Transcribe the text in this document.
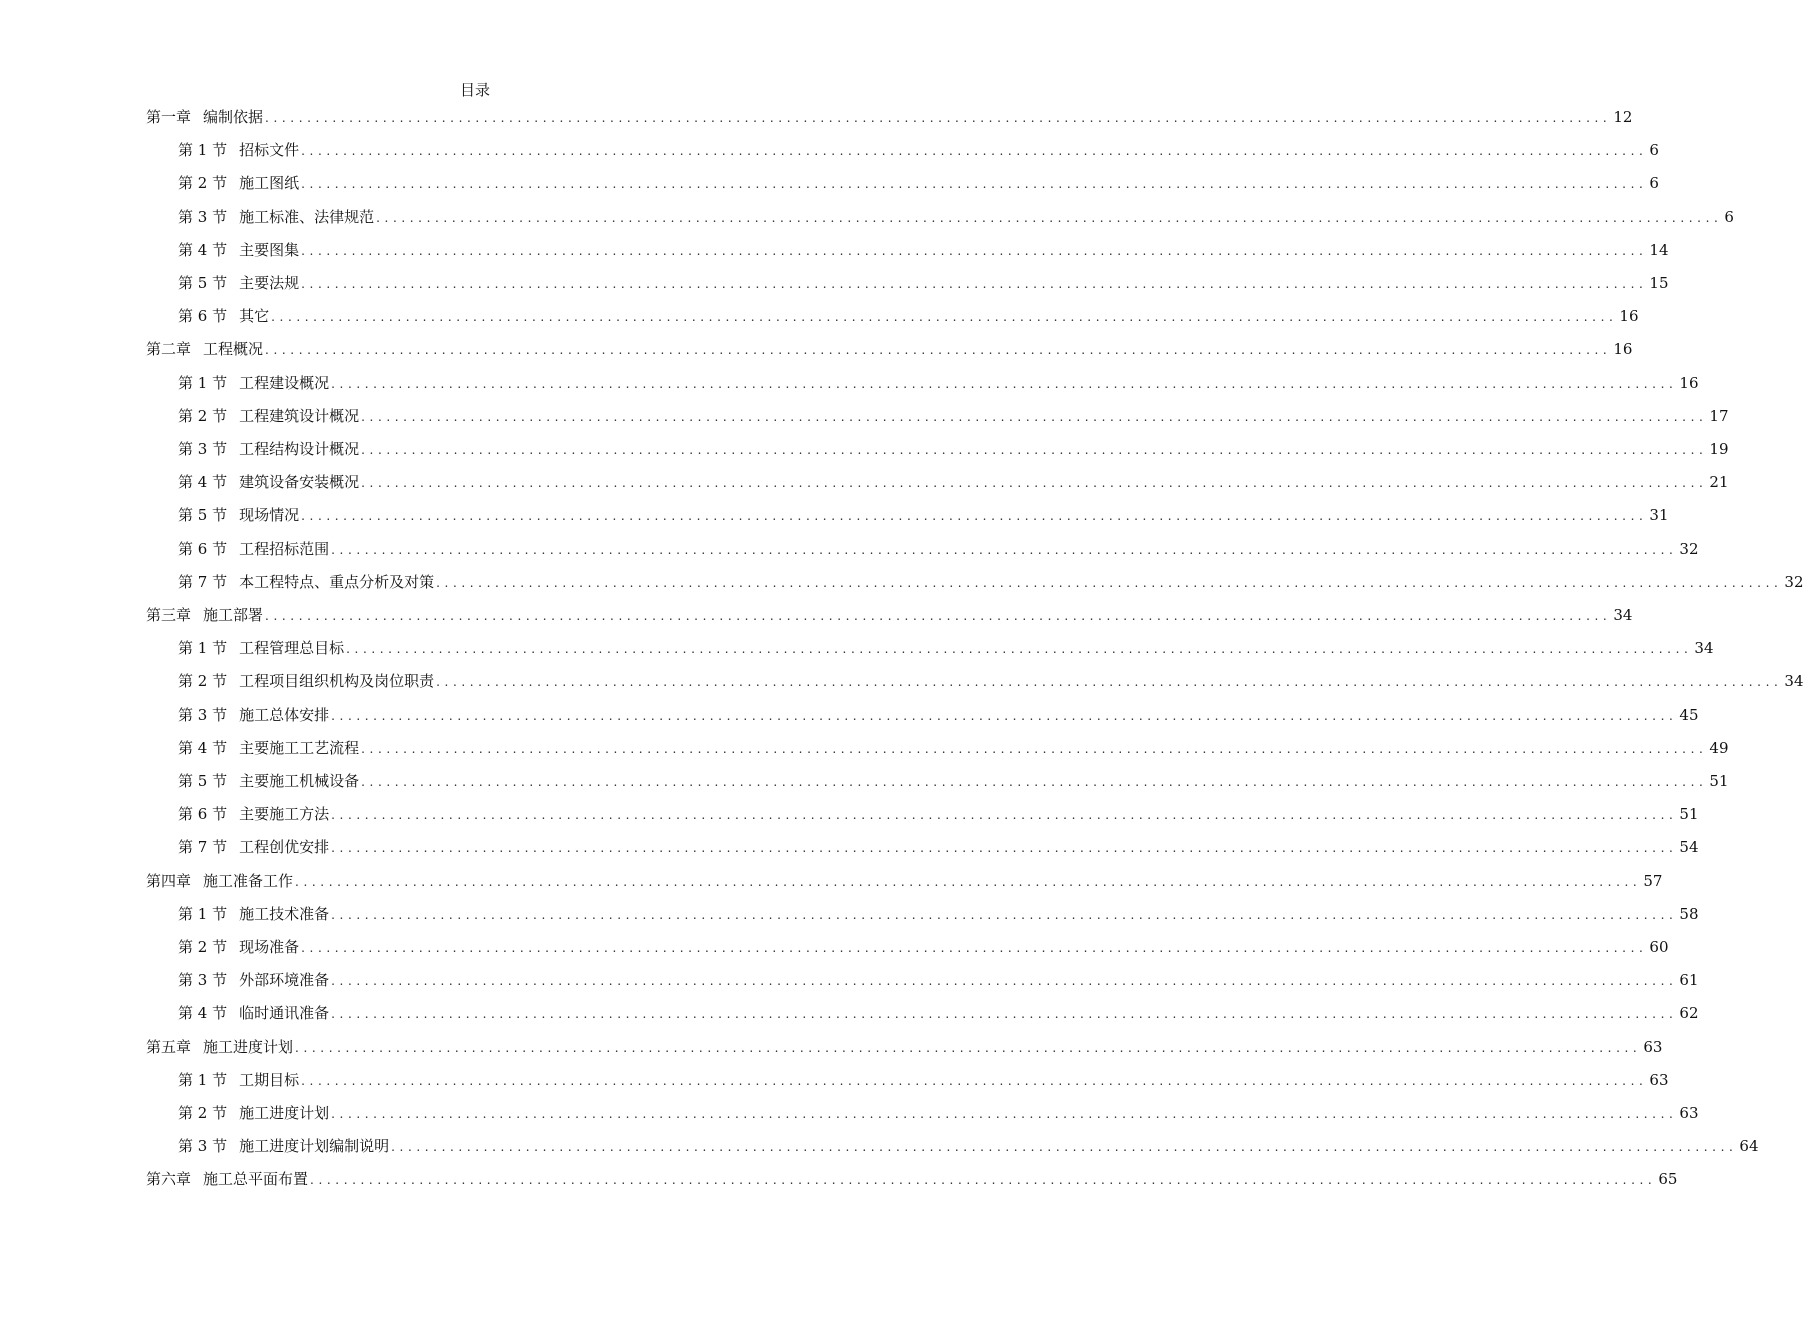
目录
第一章 编制依据 ................................................................................................................................................................ 12
第 1 节 招标文件 ................................................................................................................................................................ 6
第 2 节 施工图纸 ................................................................................................................................................................ 6
第 3 节 施工标准、法律规范 ................................................................................................................................................................ 6
第 4 节 主要图集 ................................................................................................................................................................ 14
第 5 节 主要法规 ................................................................................................................................................................ 15
第 6 节 其它 ................................................................................................................................................................ 16
第二章 工程概况 ................................................................................................................................................................ 16
第 1 节 工程建设概况 ................................................................................................................................................................ 16
第 2 节 工程建筑设计概况 ................................................................................................................................................................ 17
第 3 节 工程结构设计概况 ................................................................................................................................................................ 19
第 4 节 建筑设备安装概况 ................................................................................................................................................................ 21
第 5 节 现场情况 ................................................................................................................................................................ 31
第 6 节 工程招标范围 ................................................................................................................................................................ 32
第 7 节 本工程特点、重点分析及对策 ................................................................................................................................................................ 32
第三章 施工部署 ................................................................................................................................................................ 34
第 1 节 工程管理总目标 ................................................................................................................................................................ 34
第 2 节 工程项目组织机构及岗位职责 ................................................................................................................................................................ 34
第 3 节 施工总体安排 ................................................................................................................................................................ 45
第 4 节 主要施工工艺流程 ................................................................................................................................................................ 49
第 5 节 主要施工机械设备 ................................................................................................................................................................ 51
第 6 节 主要施工方法 ................................................................................................................................................................ 51
第 7 节 工程创优安排 ................................................................................................................................................................ 54
第四章 施工准备工作 ................................................................................................................................................................ 57
第 1 节 施工技术准备 ................................................................................................................................................................ 58
第 2 节 现场准备 ................................................................................................................................................................ 60
第 3 节 外部环境准备 ................................................................................................................................................................ 61
第 4 节 临时通讯准备 ................................................................................................................................................................ 62
第五章 施工进度计划 ................................................................................................................................................................ 63
第 1 节 工期目标 ................................................................................................................................................................ 63
第 2 节 施工进度计划 ................................................................................................................................................................ 63
第 3 节 施工进度计划编制说明 ................................................................................................................................................................ 64
第六章 施工总平面布置 ................................................................................................................................................................ 65
